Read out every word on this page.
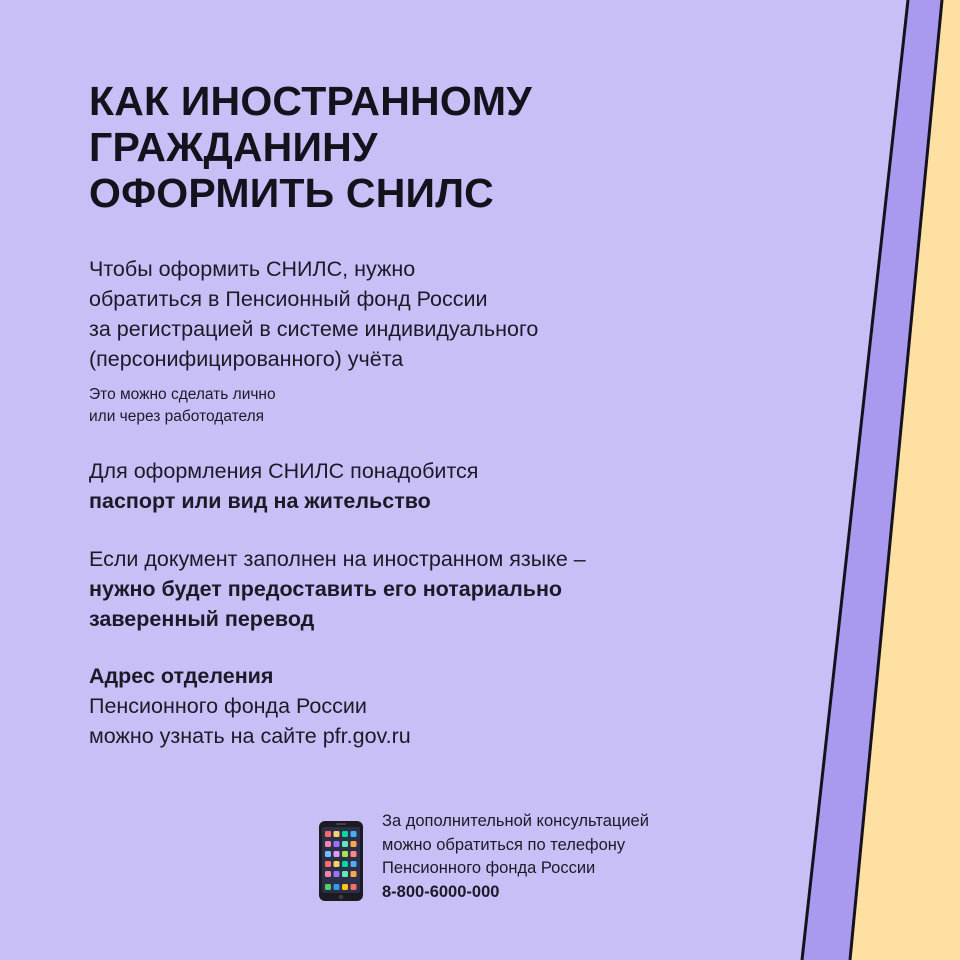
КАК ИНОСТРАННОМУ
ГРАЖДАНИНУ
ОФОРМИТЬ СНИЛС
Чтобы оформить СНИЛС, нужно
обратиться в Пенсионный фонд России
за регистрацией в системе индивидуального
(персонифицированного) учёта
Это можно сделать лично
или через работодателя
Для оформления СНИЛС понадобится
паспорт или вид на жительство
Если документ заполнен на иностранном языке –
нужно будет предоставить его нотариально
заверенный перевод
Адрес отделения
Пенсионного фонда России
можно узнать на сайте pfr.gov.ru
За дополнительной консультацией
можно обратиться по телефону
Пенсионного фонда России
8-800-6000-000
